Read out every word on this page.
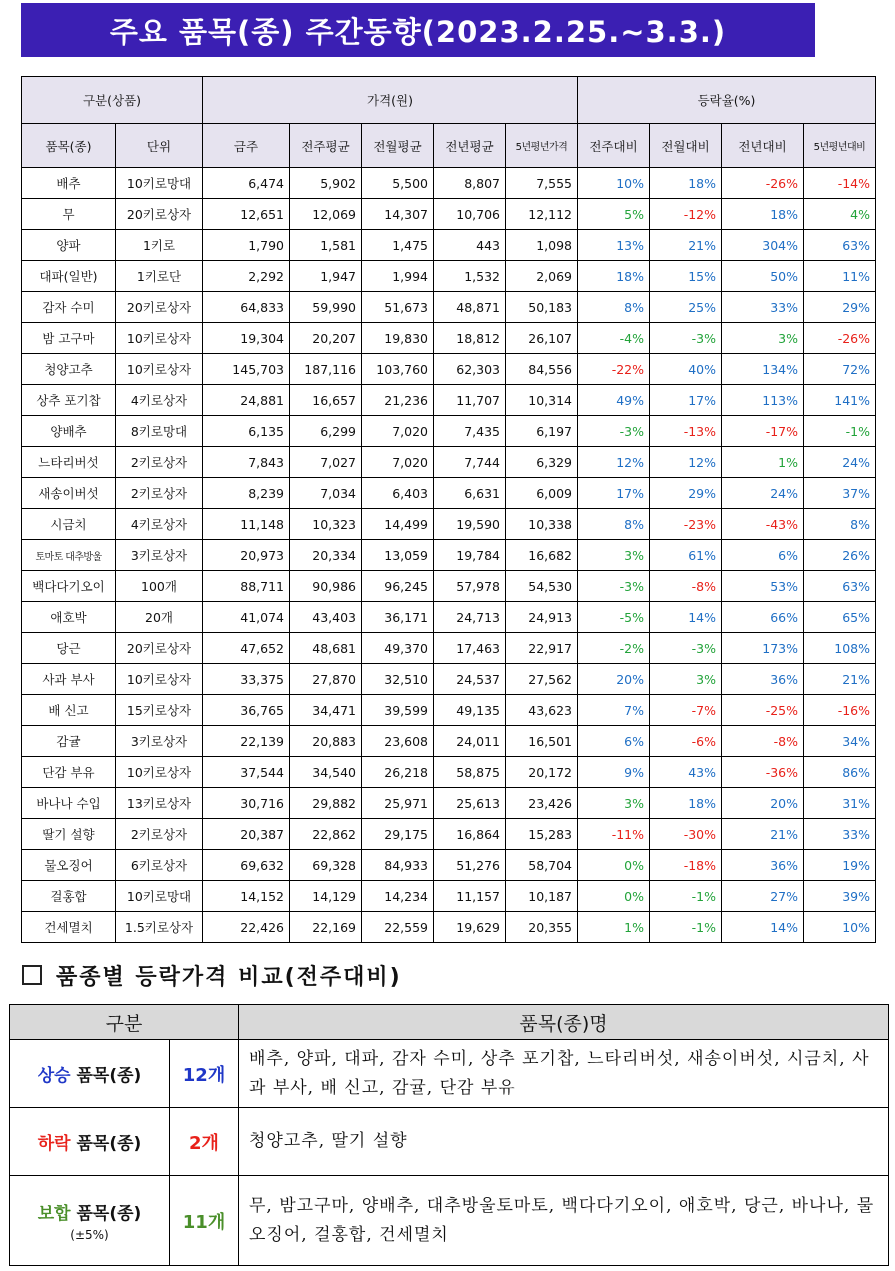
주요 품목(종) 주간동향(2023.2.25.~3.3.)
구분(상품)		가격(원)					등락율(%)			
품목(종)	단위	금주	전주평균	전월평균	전년평균	5년평년가격	전주대비	전월대비	전년대비	5년평년대비
배추	10키로망대	6,474	5,902	5,500	8,807	7,555	10%	18%	-26%	-14%
무	20키로상자	12,651	12,069	14,307	10,706	12,112	5%	-12%	18%	4%
양파	1키로	1,790	1,581	1,475	443	1,098	13%	21%	304%	63%
대파(일반)	1키로단	2,292	1,947	1,994	1,532	2,069	18%	15%	50%	11%
감자 수미	20키로상자	64,833	59,990	51,673	48,871	50,183	8%	25%	33%	29%
밤 고구마	10키로상자	19,304	20,207	19,830	18,812	26,107	-4%	-3%	3%	-26%
청양고추	10키로상자	145,703	187,116	103,760	62,303	84,556	-22%	40%	134%	72%
상추 포기찹	4키로상자	24,881	16,657	21,236	11,707	10,314	49%	17%	113%	141%
양배추	8키로망대	6,135	6,299	7,020	7,435	6,197	-3%	-13%	-17%	-1%
느타리버섯	2키로상자	7,843	7,027	7,020	7,744	6,329	12%	12%	1%	24%
새송이버섯	2키로상자	8,239	7,034	6,403	6,631	6,009	17%	29%	24%	37%
시금치	4키로상자	11,148	10,323	14,499	19,590	10,338	8%	-23%	-43%	8%
토마토 대추방울	3키로상자	20,973	20,334	13,059	19,784	16,682	3%	61%	6%	26%
백다다기오이	100개	88,711	90,986	96,245	57,978	54,530	-3%	-8%	53%	63%
애호박	20개	41,074	43,403	36,171	24,713	24,913	-5%	14%	66%	65%
당근	20키로상자	47,652	48,681	49,370	17,463	22,917	-2%	-3%	173%	108%
사과 부사	10키로상자	33,375	27,870	32,510	24,537	27,562	20%	3%	36%	21%
배 신고	15키로상자	36,765	34,471	39,599	49,135	43,623	7%	-7%	-25%	-16%
감귤	3키로상자	22,139	20,883	23,608	24,011	16,501	6%	-6%	-8%	34%
단감 부유	10키로상자	37,544	34,540	26,218	58,875	20,172	9%	43%	-36%	86%
바나나 수입	13키로상자	30,716	29,882	25,971	25,613	23,426	3%	18%	20%	31%
딸기 설향	2키로상자	20,387	22,862	29,175	16,864	15,283	-11%	-30%	21%	33%
물오징어	6키로상자	69,632	69,328	84,933	51,276	58,704	0%	-18%	36%	19%
걸홍합	10키로망대	14,152	14,129	14,234	11,157	10,187	0%	-1%	27%	39%
건세멸치	1.5키로상자	22,426	22,169	22,559	19,629	20,355	1%	-1%	14%	10%
품종별 등락가격 비교(전주대비)
구분		품목(종)명
상승 품목(종)	12개	배추, 양파, 대파, 감자 수미, 상추 포기찹, 느타리버섯, 새송이버섯, 시금치, 사과 부사, 배 신고, 감귤, 단감 부유
하락 품목(종)	2개	청양고추, 딸기 설향
보합 품목(종)
(±5%)	11개	무, 밤고구마, 양배추, 대추방울토마토, 백다다기오이, 애호박, 당근, 바나나, 물오징어, 걸홍합, 건세멸치
